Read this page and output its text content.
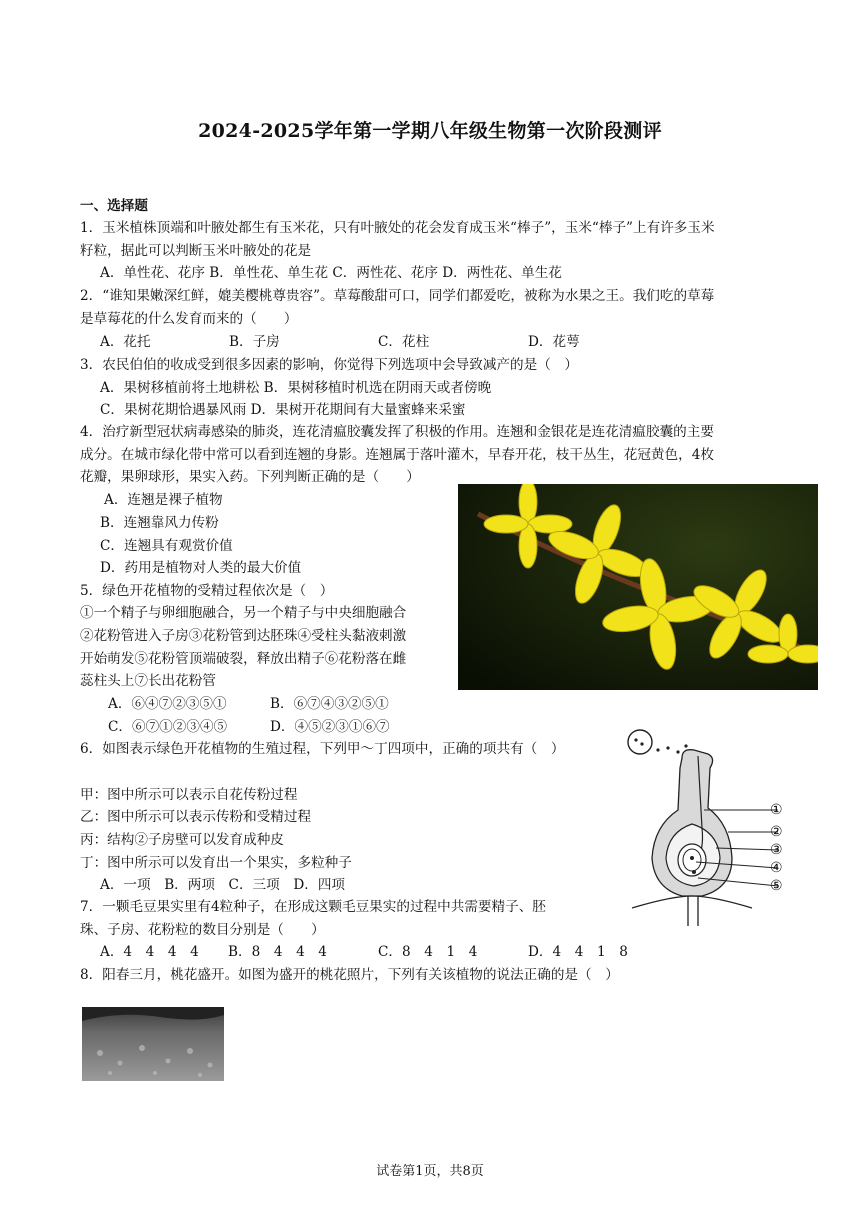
2024-2025学年第一学期八年级生物第一次阶段测评
一、选择题
1．玉米植株顶端和叶腋处都生有玉米花，只有叶腋处的花会发育成玉米“棒子”，玉米“棒子”上有许多玉米
籽粒，据此可以判断玉米叶腋处的花是
A．单性花、花序 B．单性花、单生花 C．两性花、花序 D．两性花、单生花
2．“谁知果嫩深红鲜，媲美樱桃尊贵容”。草莓酸甜可口，同学们都爱吃，被称为水果之王。我们吃的草莓
是草莓花的什么发育而来的（　　）
A．花托	B．子房	C．花柱	D．花萼
3．农民伯伯的收成受到很多因素的影响，你觉得下列选项中会导致减产的是（　）
A．果树移植前将土地耕松 B．果树移植时机选在阴雨天或者傍晚
C．果树花期恰遇暴风雨 D．果树开花期间有大量蜜蜂来采蜜
4．治疗新型冠状病毒感染的肺炎，连花清瘟胶囊发挥了积极的作用。连翘和金银花是连花清瘟胶囊的主要
成分。在城市绿化带中常可以看到连翘的身影。连翘属于落叶灌木，早春开花，枝干丛生，花冠黄色，4枚
花瓣，果卵球形，果实入药。下列判断正确的是（　　）
A．连翘是裸子植物
B．连翘靠风力传粉
C．连翘具有观赏价值
D．药用是植物对人类的最大价值
5．绿色开花植物的受精过程依次是（　）
①一个精子与卵细胞融合，另一个精子与中央细胞融合
②花粉管进入子房③花粉管到达胚珠④受柱头黏液刺激
开始萌发⑤花粉管顶端破裂，释放出精子⑥花粉落在雌
蕊柱头上⑦长出花粉管
A．⑥④⑦②③⑤①	B．⑥⑦④③②⑤①
C．⑥⑦①②③④⑤	D．④⑤②③①⑥⑦
6．如图表示绿色开花植物的生殖过程，下列甲～丁四项中，正确的项共有（　）
甲：图中所示可以表示自花传粉过程
乙：图中所示可以表示传粉和受精过程
丙：结构②子房壁可以发育成种皮
丁：图中所示可以发育出一个果实，多粒种子
A．一项　B．两项　C．三项　D．四项
①
②
③
④
⑤
7．一颗毛豆果实里有4粒种子，在形成这颗毛豆果实的过程中共需要精子、胚
珠、子房、花粉粒的数目分别是（　　）
A．4　4　4　4 B．8　4　4　4	C．8　4　1　4	D．4　4　1　8
8．阳春三月，桃花盛开。如图为盛开的桃花照片，下列有关该植物的说法正确的是（　）
试卷第1页，共8页
